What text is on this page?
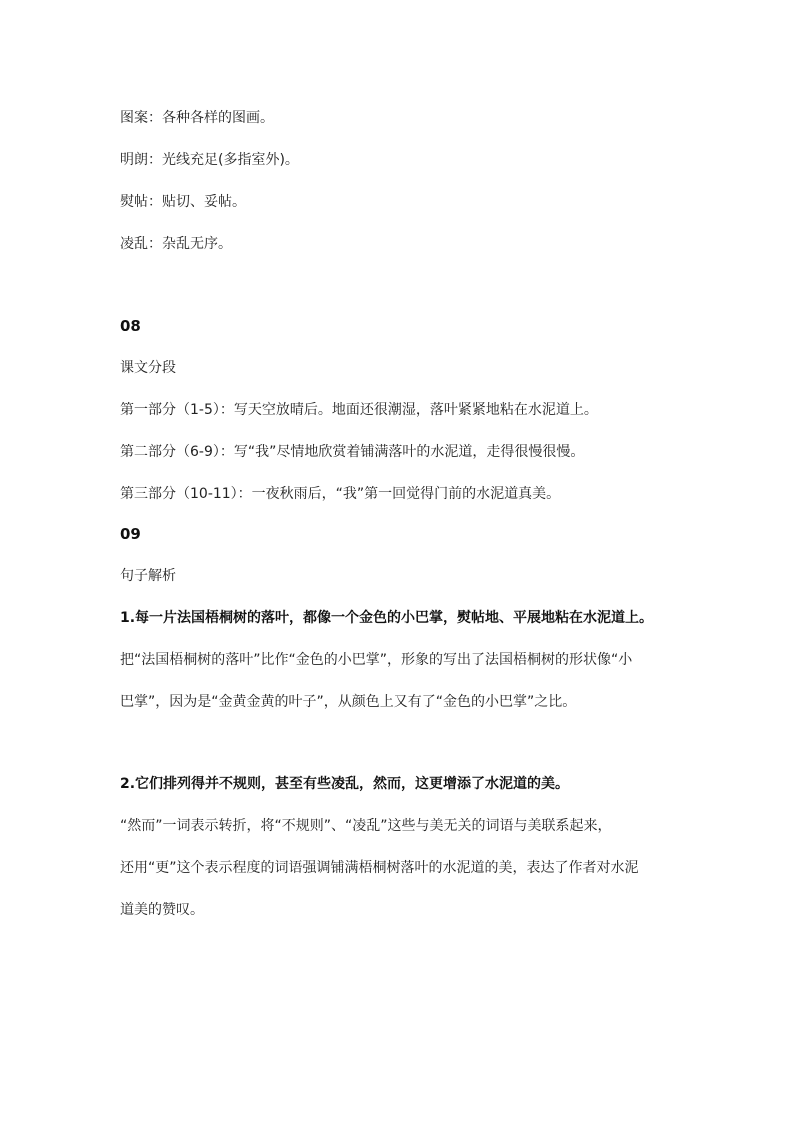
图案：各种各样的图画。

明朗：光线充足(多指室外)。

熨帖：贴切、妥帖。

凌乱：杂乱无序。

08

课文分段

第一部分（1-5）：写天空放晴后。地面还很潮湿，落叶紧紧地粘在水泥道上。

第二部分（6-9）：写“我”尽情地欣赏着铺满落叶的水泥道，走得很慢很慢。

第三部分（10-11）：一夜秋雨后，“我”第一回觉得门前的水泥道真美。

09

句子解析

1.每一片法国梧桐树的落叶，都像一个金色的小巴掌，熨帖地、平展地粘在水泥道上。

把“法国梧桐树的落叶”比作“金色的小巴掌”，形象的写出了法国梧桐树的形状像“小

巴掌”，因为是“金黄金黄的叶子”，从颜色上又有了“金色的小巴掌”之比。

2.它们排列得并不规则，甚至有些凌乱，然而，这更增添了水泥道的美。

“然而”一词表示转折，将“不规则”、“凌乱”这些与美无关的词语与美联系起来，

还用“更”这个表示程度的词语强调铺满梧桐树落叶的水泥道的美，表达了作者对水泥

道美的赞叹。
